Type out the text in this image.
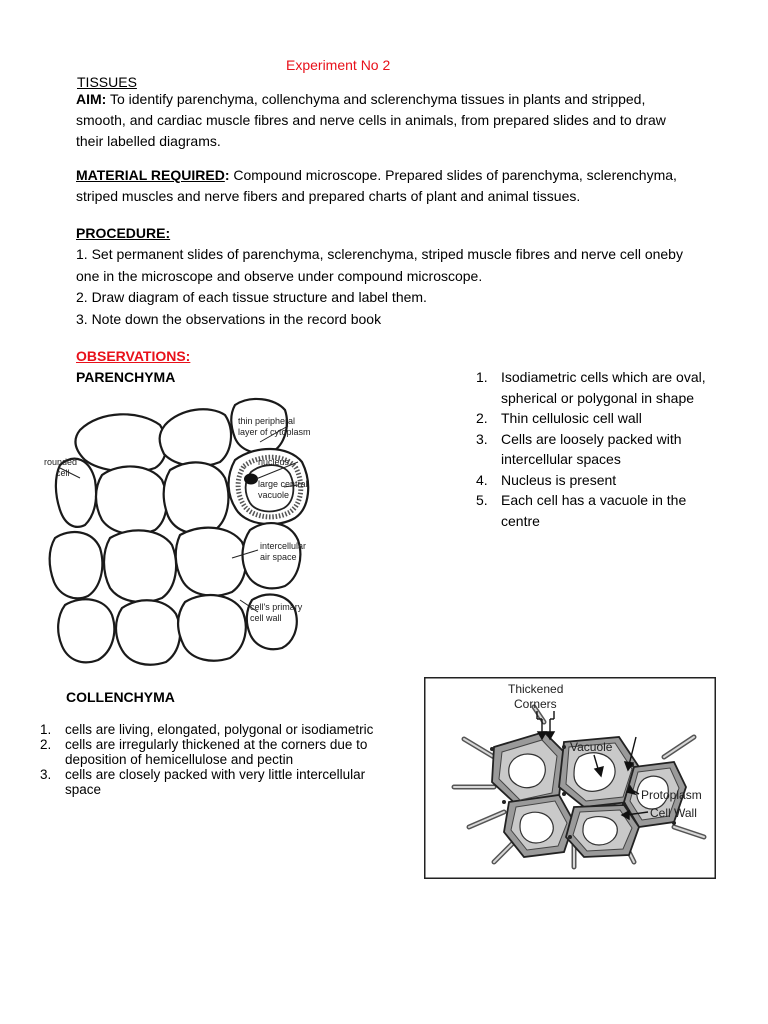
Experiment No 2
TISSUES
AIM: To identify parenchyma, collenchyma and sclerenchyma tissues in plants and stripped,
smooth, and cardiac muscle fibres and nerve cells in animals, from prepared slides and to draw
their labelled diagrams.
MATERIAL REQUIRED: Compound microscope. Prepared slides of parenchyma, sclerenchyma,
striped muscles and nerve fibers and prepared charts of plant and animal tissues.
PROCEDURE:
1. Set permanent slides of parenchyma, sclerenchyma, striped muscle fibres and nerve cell oneby
one in the microscope and observe under compound microscope.
2. Draw diagram of each tissue structure and label them.
3. Note down the observations in the record book
OBSERVATIONS:
PARENCHYMA	1. Isodiametric cells which are oval, spherical or polygonal in shape
2. Thin cellulosic cell wall
3. Cells are loosely packed with intercellular spaces
4. Nucleus is present
5. Each cell has a vacuole in the centre
thin peripheral
layer of cytoplasm
nucleus
large central
vacuole
rounded
cell
intercellular
air space
cell's primary
cell wall
COLLENCHYMA
1. cells are living, elongated, polygonal or isodiametric
2. cells are irregularly thickened at the corners due to deposition of hemicellulose and pectin
3. cells are closely packed with very little intercellular space
Thickened
Corners
Vacuole
Protoplasm
Cell Wall
